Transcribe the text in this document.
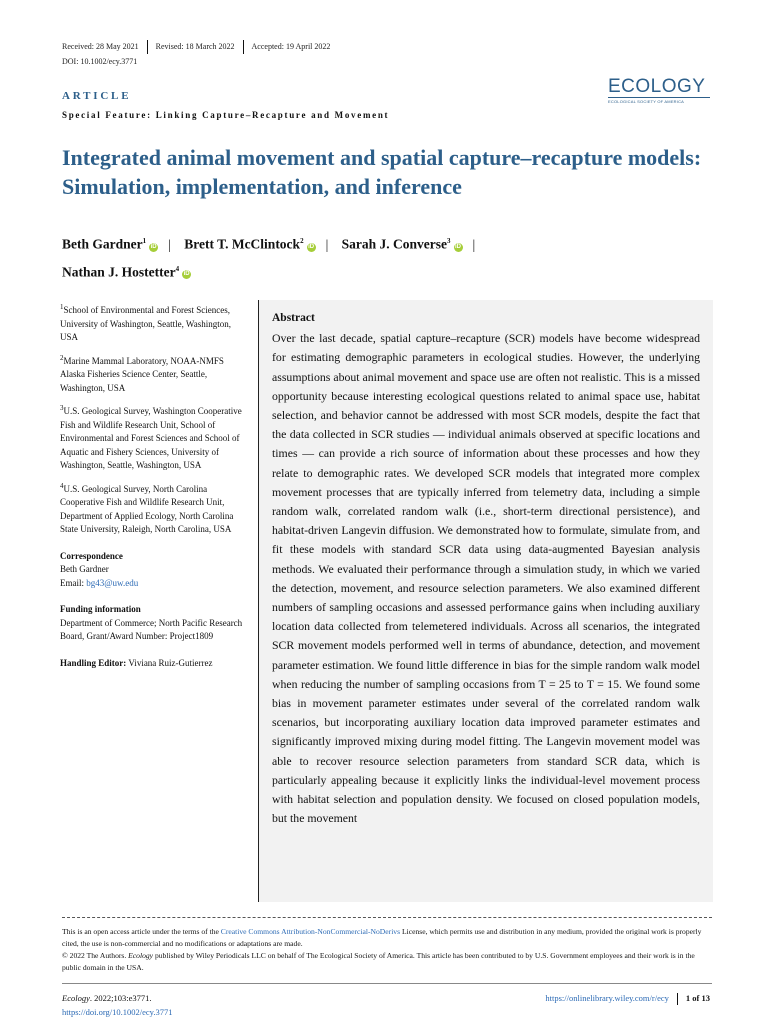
Received: 28 May 2021 Revised: 18 March 2022 Accepted: 19 April 2022
DOI: 10.1002/ecy.3771
ECOLOGY
ECOLOGICAL SOCIETY OF AMERICA
ARTICLE
Special Feature: Linking Capture–Recapture and Movement
Integrated animal movement and spatial capture–recapture models: Simulation, implementation, and inference
Beth Gardner$^1$iD | Brett T. McClintock$^2$iD | Sarah J. Converse$^3$iD |
Nathan J. Hostetter$^4$iD

$^1$School of Environmental and Forest Sciences, University of Washington, Seattle, Washington, USA

$^2$Marine Mammal Laboratory, NOAA-NMFS Alaska Fisheries Science Center, Seattle, Washington, USA

$^3$U.S. Geological Survey, Washington Cooperative Fish and Wildlife Research Unit, School of Environmental and Forest Sciences and School of Aquatic and Fishery Sciences, University of Washington, Seattle, Washington, USA

$^4$U.S. Geological Survey, North Carolina Cooperative Fish and Wildlife Research Unit, Department of Applied Ecology, North Carolina State University, Raleigh, North Carolina, USA

Correspondence
Beth Gardner
Email: bg43@uw.edu
Funding information
Department of Commerce; North Pacific Research Board, Grant/Award Number: Project1809
Handling Editor: Viviana Ruiz-Gutierrez
Abstract
Over the last decade, spatial capture–recapture (SCR) models have become widespread for estimating demographic parameters in ecological studies. However, the underlying assumptions about animal movement and space use are often not realistic. This is a missed opportunity because interesting ecological questions related to animal space use, habitat selection, and behavior cannot be addressed with most SCR models, despite the fact that the data collected in SCR studies — individual animals observed at specific locations and times — can provide a rich source of information about these processes and how they relate to demographic rates. We developed SCR models that integrated more complex movement processes that are typically inferred from telemetry data, including a simple random walk, correlated random walk (i.e., short-term directional persistence), and habitat-driven Langevin diffusion. We demonstrated how to formulate, simulate from, and fit these models with standard SCR data using data-augmented Bayesian analysis methods. We evaluated their performance through a simulation study, in which we varied the detection, movement, and resource selection parameters. We also examined different numbers of sampling occasions and assessed performance gains when including auxiliary location data collected from telemetered individuals. Across all scenarios, the integrated SCR movement models performed well in terms of abundance, detection, and movement parameter estimation. We found little difference in bias for the simple random walk model when reducing the number of sampling occasions from T = 25 to T = 15. We found some bias in movement parameter estimates under several of the correlated random walk scenarios, but incorporating auxiliary location data improved parameter estimates and significantly improved mixing during model fitting. The Langevin movement model was able to recover resource selection parameters from standard SCR data, which is particularly appealing because it explicitly links the individual-level movement process with habitat selection and population density. We focused on closed population models, but the movement
This is an open access article under the terms of the Creative Commons Attribution-NonCommercial-NoDerivs License, which permits use and distribution in any medium, provided the original work is properly cited, the use is non-commercial and no modifications or adaptations are made.
© 2022 The Authors. Ecology published by Wiley Periodicals LLC on behalf of The Ecological Society of America. This article has been contributed to by U.S. Government employees and their work is in the public domain in the USA.
Ecology. 2022;103:e3771.
https://doi.org/10.1002/ecy.3771
https://onlinelibrary.wiley.com/r/ecy 1 of 13
